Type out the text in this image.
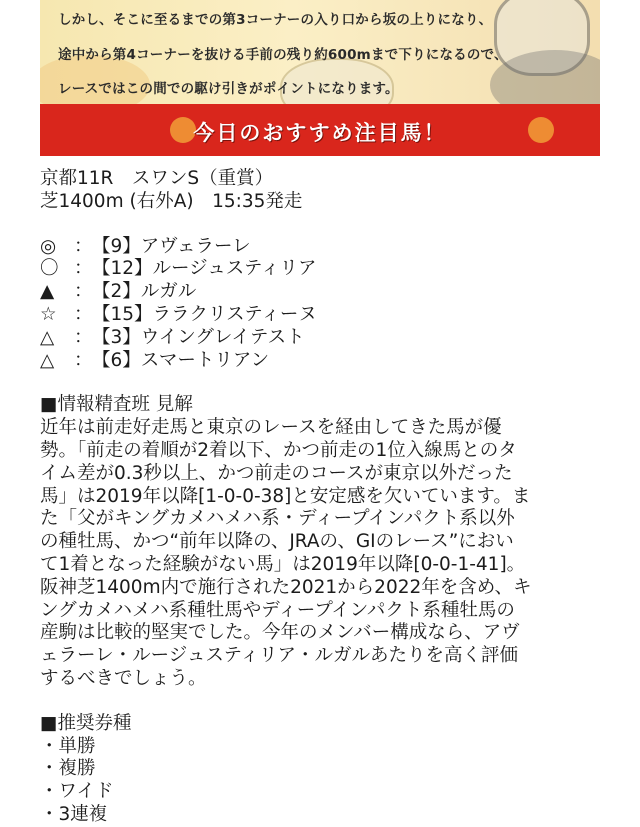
しかし、そこに至るまでの第3コーナーの入り口から坂の上りになり、
途中から第4コーナーを抜ける手前の残り約600mまで下りになるので、
レースではこの間での駆け引きがポイントになります。
今日のおすすめ注目馬！
京都11R　スワンS（重賞）
芝1400m (右外A)　15:35発走
◎ ： 【9】アヴェラーレ
〇 ： 【12】ルージュスティリア
▲	： 【2】ルガル
☆ ： 【15】ララクリスティーヌ
△	： 【3】ウイングレイテスト
△	： 【6】スマートリアン
■情報精査班 見解
近年は前走好走馬と東京のレースを経由してきた馬が優
勢。「前走の着順が2着以下、かつ前走の1位入線馬とのタ
イム差が0.3秒以上、かつ前走のコースが東京以外だった
馬」は2019年以降[1-0-0-38]と安定感を欠いています。ま
た「父がキングカメハメハ系・ディープインパクト系以外
の種牡馬、かつ“前年以降の、JRAの、GIのレース”におい
て1着となった経験がない馬」は2019年以降[0-0-1-41]。
阪神芝1400m内で施行された2021から2022年を含め、キ
ングカメハメハ系種牡馬やディープインパクト系種牡馬の
産駒は比較的堅実でした。今年のメンバー構成なら、アヴ
ェラーレ・ルージュスティリア・ルガルあたりを高く評価
するべきでしょう。
■推奨券種
・単勝
・複勝
・ワイド
・3連複
